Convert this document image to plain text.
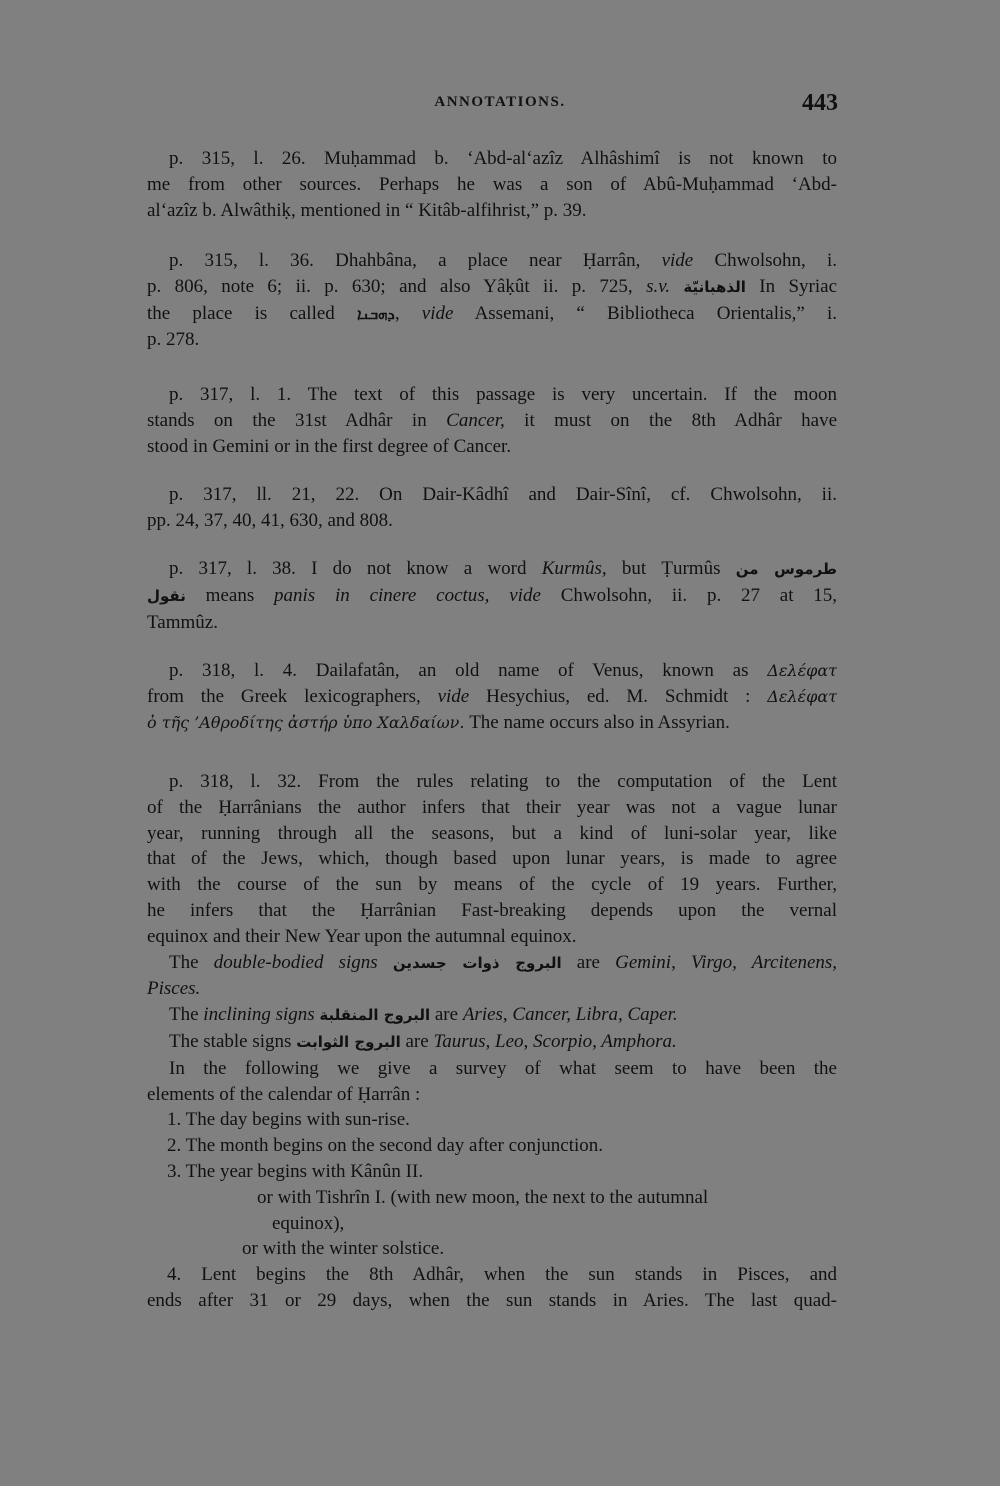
ANNOTATIONS.	443
p. 315, l. 26. Muḥammad b. ‘Abd-al‘azîz Alhâshimî is not known to
me from other sources. Perhaps he was a son of Abû-Muḥammad ‘Abd-
al‘azîz b. Alwâthiḳ, mentioned in “ Kitâb-alfihrist,” p. 39.
p. 315, l. 36. Dhahbâna, a place near Ḥarrân, vide Chwolsohn, i.
p. 806, note 6; ii. p. 630; and also Yâḳût ii. p. 725, s.v. الذهبانيّة In Syriac
the place is called ܕܗܒܢܐ, vide Assemani, “ Bibliotheca Orientalis,” i.
p. 278.
p. 317, l. 1. The text of this passage is very uncertain. If the moon
stands on the 31st Adhâr in Cancer, it must on the 8th Adhâr have
stood in Gemini or in the first degree of Cancer.
p. 317, ll. 21, 22. On Dair-Kâdhî and Dair-Sînî, cf. Chwolsohn, ii.
pp. 24, 37, 40, 41, 630, and 808.
p. 317, l. 38. I do not know a word Kurmûs, but Ṭurmûs طرموس من
نقول means panis in cinere coctus, vide Chwolsohn, ii. p. 27 at 15,
Tammûz.
p. 318, l. 4. Dailafatân, an old name of Venus, known as Δελέφατ
from the Greek lexicographers, vide Hesychius, ed. M. Schmidt : Δελέφατ
ὁ τῆς ’Αθροδίτης ἀστήρ ὑπο Χαλδαίων. The name occurs also in Assyrian.
p. 318, l. 32. From the rules relating to the computation of the Lent
of the Ḥarrânians the author infers that their year was not a vague lunar
year, running through all the seasons, but a kind of luni-solar year, like
that of the Jews, which, though based upon lunar years, is made to agree
with the course of the sun by means of the cycle of 19 years. Further,
he infers that the Ḥarrânian Fast-breaking depends upon the vernal
equinox and their New Year upon the autumnal equinox.
The double-bodied signs البروج ذوات جسدين are Gemini, Virgo, Arcitenens,
Pisces.
The inclining signs البروج المنقلبة are Aries, Cancer, Libra, Caper.
The stable signs البروج الثوابت are Taurus, Leo, Scorpio, Amphora.
In the following we give a survey of what seem to have been the
elements of the calendar of Ḥarrân :
1. The day begins with sun-rise.
2. The month begins on the second day after conjunction.
3. The year begins with Kânûn II.
or with Tishrîn I. (with new moon, the next to the autumnal
equinox),
or with the winter solstice.
4. Lent begins the 8th Adhâr, when the sun stands in Pisces, and
ends after 31 or 29 days, when the sun stands in Aries. The last quad-
